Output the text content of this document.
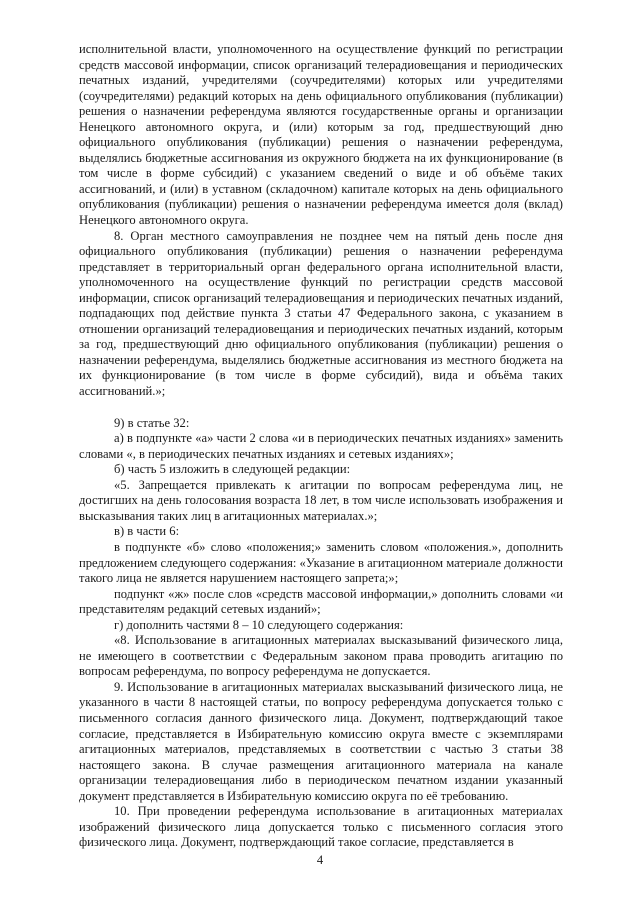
исполнительной власти, уполномоченного на осуществление функций по регистрации средств массовой информации, список организаций телерадиовещания и периодических печатных изданий, учредителями (соучредителями) которых или учредителями (соучредителями) редакций которых на день официального опубликования (публикации) решения о назначении референдума являются государственные органы и организации Ненецкого автономного округа, и (или) которым за год, предшествующий дню официального опубликования (публикации) решения о назначении референдума, выделялись бюджетные ассигнования из окружного бюджета на их функционирование (в том числе в форме субсидий) с указанием сведений о виде и об объёме таких ассигнований, и (или) в уставном (складочном) капитале которых на день официального опубликования (публикации) решения о назначении референдума имеется доля (вклад) Ненецкого автономного округа.

8. Орган местного самоуправления не позднее чем на пятый день после дня официального опубликования (публикации) решения о назначении референдума представляет в территориальный орган федерального органа исполнительной власти, уполномоченного на осуществление функций по регистрации средств массовой информации, список организаций телерадиовещания и периодических печатных изданий, подпадающих под действие пункта 3 статьи 47 Федерального закона, с указанием в отношении организаций телерадиовещания и периодических печатных изданий, которым за год, предшествующий дню официального опубликования (публикации) решения о назначении референдума, выделялись бюджетные ассигнования из местного бюджета на их функционирование (в том числе в форме субсидий), вида и объёма таких ассигнований.»;

9) в статье 32:

а) в подпункте «а» части 2 слова «и в периодических печатных изданиях» заменить словами «, в периодических печатных изданиях и сетевых изданиях»;

б) часть 5 изложить в следующей редакции:

«5. Запрещается привлекать к агитации по вопросам референдума лиц, не достигших на день голосования возраста 18 лет, в том числе использовать изображения и высказывания таких лиц в агитационных материалах.»;

в) в части 6:

в подпункте «б» слово «положения;» заменить словом «положения.», дополнить предложением следующего содержания: «Указание в агитационном материале должности такого лица не является нарушением настоящего запрета;»;

подпункт «ж» после слов «средств массовой информации,» дополнить словами «и представителям редакций сетевых изданий»;

г) дополнить частями 8 – 10 следующего содержания:

«8. Использование в агитационных материалах высказываний физического лица, не имеющего в соответствии с Федеральным законом права проводить агитацию по вопросам референдума, по вопросу референдума не допускается.

9. Использование в агитационных материалах высказываний физического лица, не указанного в части 8 настоящей статьи, по вопросу референдума допускается только с письменного согласия данного физического лица. Документ, подтверждающий такое согласие, представляется в Избирательную комиссию округа вместе с экземплярами агитационных материалов, представляемых в соответствии с частью 3 статьи 38 настоящего закона. В случае размещения агитационного материала на канале организации телерадиовещания либо в периодическом печатном издании указанный документ представляется в Избирательную комиссию округа по её требованию.

10. При проведении референдума использование в агитационных материалах изображений физического лица допускается только с письменного согласия этого физического лица. Документ, подтверждающий такое согласие, представляется в

4
